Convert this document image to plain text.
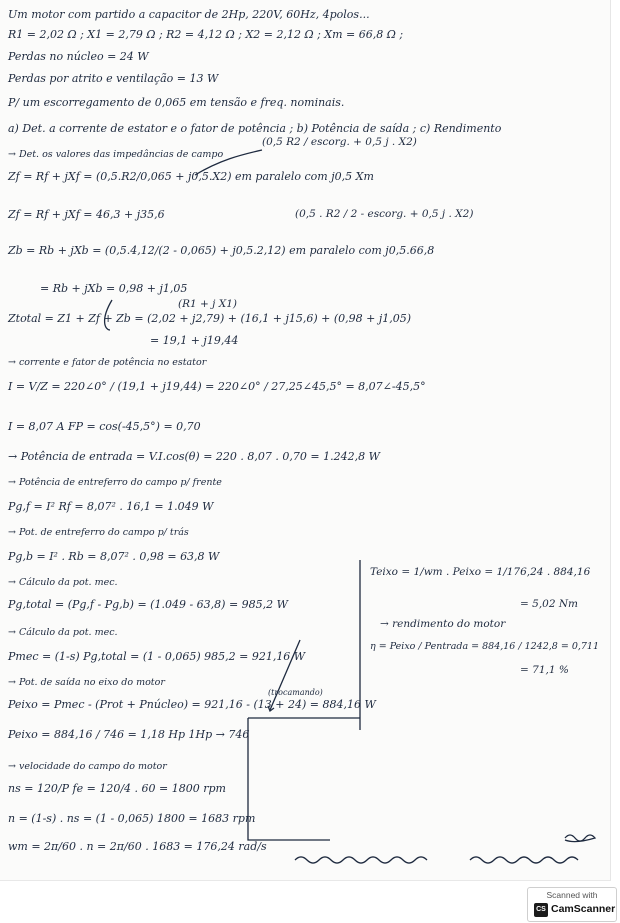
Um motor com partido a capacitor de 2Hp, 220V, 60Hz, 4polos...
R1 = 2,02 Ω ; X1 = 2,79 Ω ; R2 = 4,12 Ω ; X2 = 2,12 Ω ; Xm = 66,8 Ω ;
Perdas no núcleo = 24 W
Perdas por atrito e ventilação = 13 W
P/ um escorregamento de 0,065 em tensão e freq. nominais.
a) Det. a corrente de estator e o fator de potência ; b) Potência de saída ; c) Rendimento
(0,5 R2 / escorg. + 0,5 j . X2)
→ Det. os valores das impedâncias de campo
Zf = Rf + jXf = (0,5.R2/0,065 + j0,5.X2) em paralelo com j0,5 Xm
(0,5 . R2 / 2 - escorg. + 0,5 j . X2)
Zf = Rf + jXf = 46,3 + j35,6
Zb = Rb + jXb = (0,5.4,12/(2 - 0,065) + j0,5.2,12) em paralelo com j0,5.66,8
= Rb + jXb = 0,98 + j1,05
(R1 + j X1)
Ztotal = Z1 + Zf + Zb = (2,02 + j2,79) + (16,1 + j15,6) + (0,98 + j1,05)
= 19,1 + j19,44
→ corrente e fator de potência no estator
I = V/Z = 220∠0° / (19,1 + j19,44) = 220∠0° / 27,25∠45,5° = 8,07∠-45,5°
I = 8,07 A FP = cos(-45,5°) = 0,70
→ Potência de entrada = V.I.cos(θ) = 220 . 8,07 . 0,70 = 1.242,8 W
→ Potência de entreferro do campo p/ frente
Pg,f = I² Rf = 8,07² . 16,1 = 1.049 W
→ Pot. de entreferro do campo p/ trás
Pg,b = I² . Rb = 8,07² . 0,98 = 63,8 W
→ Cálculo da pot. mec.
Pg,total = (Pg,f - Pg,b) = (1.049 - 63,8) = 985,2 W
→ Cálculo da pot. mec.
Pmec = (1-s) Pg,total = (1 - 0,065) 985,2 = 921,16 W
(trocamando)
→ Pot. de saída no eixo do motor
Peixo = Pmec - (Prot + Pnúcleo) = 921,16 - (13 + 24) = 884,16 W
Peixo = 884,16 / 746 = 1,18 Hp 1Hp → 746
→ velocidade do campo do motor
ns = 120/P fe = 120/4 . 60 = 1800 rpm
n = (1-s) . ns = (1 - 0,065) 1800 = 1683 rpm
wm = 2π/60 . n = 2π/60 . 1683 = 176,24 rad/s
Teixo = 1/wm . Peixo = 1/176,24 . 884,16
= 5,02 Nm
→ rendimento do motor
η = Peixo / Pentrada = 884,16 / 1242,8 = 0,711
= 71,1 %
Scanned with
CS CamScanner
